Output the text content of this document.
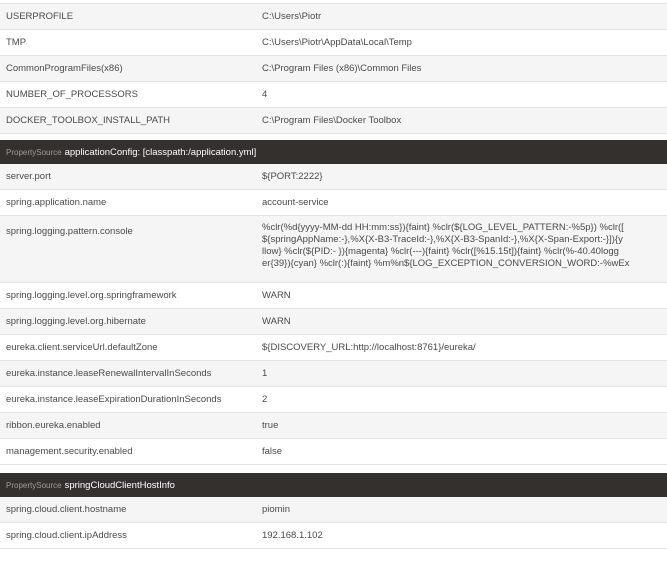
USERPROFILE	C:\Users\Piotr
TMP	C:\Users\Piotr\AppData\Local\Temp
CommonProgramFiles(x86)	C:\Program Files (x86)\Common Files
NUMBER_OF_PROCESSORS	4
DOCKER_TOOLBOX_INSTALL_PATH	C:\Program Files\Docker Toolbox
PropertySource applicationConfig: [classpath:/application.yml]
server.port	${PORT:2222}
spring.application.name	account-service
spring.logging.pattern.console	%clr(%d{yyyy-MM-dd HH:mm:ss}){faint} %clr(${LOG_LEVEL_PATTERN:-%5p}) %clr([
${springAppName:-},%X{X-B3-TraceId:-},%X{X-B3-SpanId:-},%X{X-Span-Export:-}]){y
llow} %clr(${PID:- }){magenta} %clr(---){faint} %clr([%15.15t]){faint} %clr(%-40.40logg
er{39}){cyan} %clr(:){faint} %m%n${LOG_EXCEPTION_CONVERSION_WORD:-%wEx
spring.logging.level.org.springframework	WARN
spring.logging.level.org.hibernate	WARN
eureka.client.serviceUrl.defaultZone	${DISCOVERY_URL:http://localhost:8761}/eureka/
eureka.instance.leaseRenewalIntervalInSeconds	1
eureka.instance.leaseExpirationDurationInSeconds	2
ribbon.eureka.enabled	true
management.security.enabled	false
PropertySource springCloudClientHostInfo
spring.cloud.client.hostname	piomin
spring.cloud.client.ipAddress	192.168.1.102
